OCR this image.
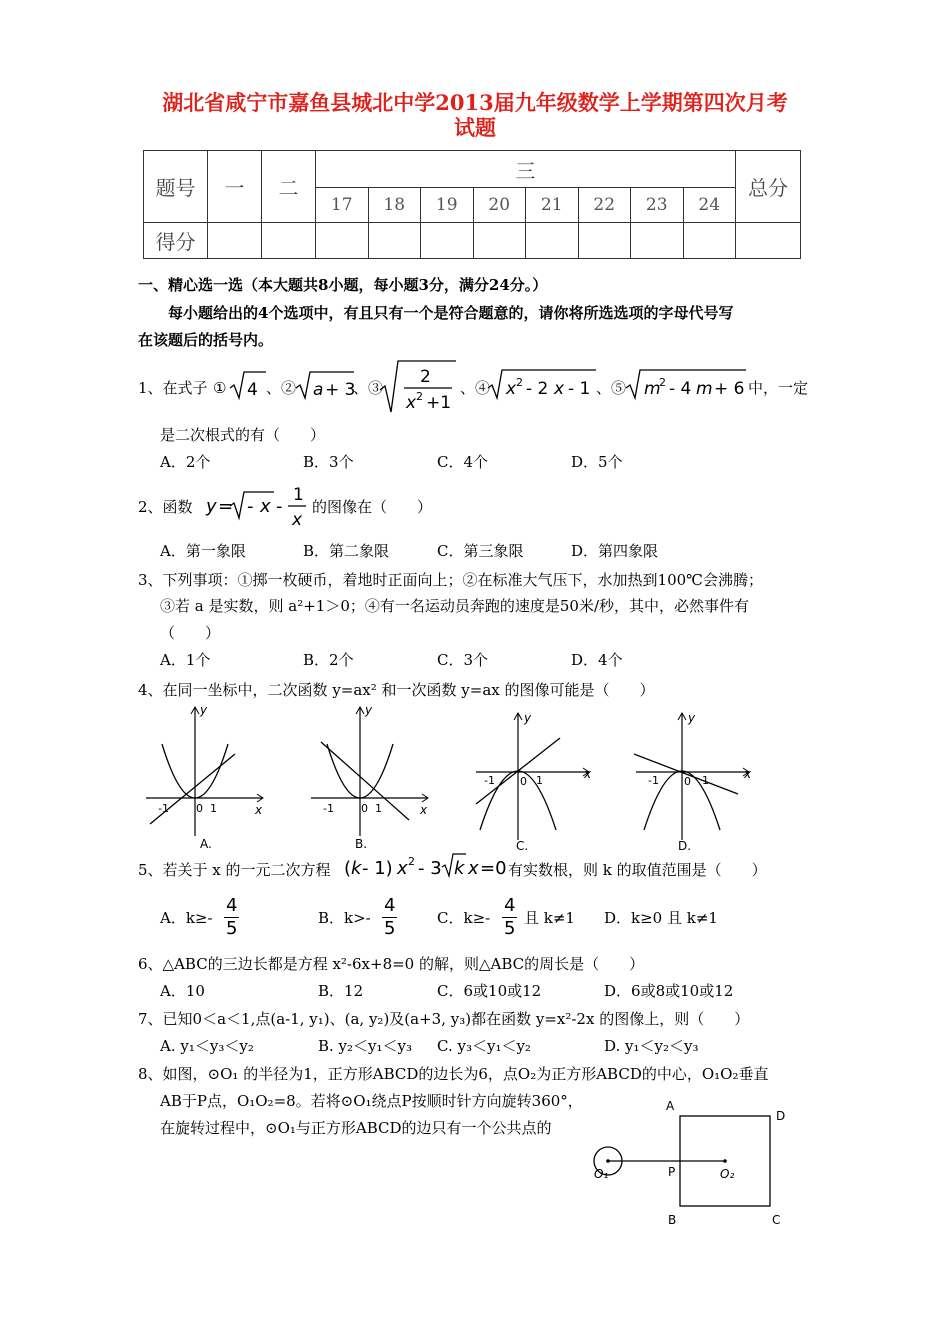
湖北省咸宁市嘉鱼县城北中学2013届九年级数学上学期第四次月考
试题
题号	一	二	三								总分
			17	18	19	20	21	22	23	24	
得分											
一、精心选一选（本大题共8小题，每小题3分，满分24分。）
每小题给出的4个选项中，有且只有一个是符合题意的，请你将所选选项的字母代号写
在该题后的括号内。
1、在式子 ① 4 、② a + 3
、③
2
x 2 +1
、④ x 2 - 2 x - 1 、⑤ m
2 - 4 m + 6 中，一定
是二次根式的有（　　）
A．2个	B．3个	C．4个	D．5个
2、函数 y = - x -
1
x
的图像在（　　）
A．第一象限	B．第二象限	C．第三象限	D．第四象限
3、下列事项：①掷一枚硬币，着地时正面向上；②在标准大气压下，水加热到100℃会沸腾；
③若 a 是实数，则 a²+1＞0；④有一名运动员奔跑的速度是50米/秒，其中，必然事件有
（　　）
A．1个	B．2个	C．3个	D．4个
4、在同一坐标中，二次函数 y=ax² 和一次函数 y=ax 的图像可能是（　　）
y
x
-1 0 1
A.
y
x
-1 0 1
B.
y
x
-1 0 1
C.
y
x
-1 0 1
D.
5、若关于 x 的一元二次方程 ( k - 1) x 2 - 3 k x =0 有实数根，则 k 的取值范围是（　　）
A．$k\ge- \frac{4}{5}$	B．$k>- \frac{4}{5}$	C．$k\ge- \frac{4}{5}$ 且 k≠1 D．k≥0 且 k≠1
6、△ABC的三边长都是方程 x²-6x+8=0 的解，则△ABC的周长是（　　）
A．10	B．12	C．6或10或12	D．6或8或10或12
7、已知0＜a＜1,点(a-1, y₁)、(a, y₂)及(a+3, y₃)都在函数 y=x²-2x 的图像上，则（　　）
A. y₁＜y₃＜y₂	B. y₂＜y₁＜y₃ C. y₃＜y₁＜y₂	D. y₁＜y₂＜y₃
8、如图，⊙O₁ 的半径为1，正方形ABCD的边长为6，点O₂为正方形ABCD的中心，O₁O₂垂直
AB于P点，O₁O₂=8。若将⊙O₁绕点P按顺时针方向旋转360°，
在旋转过程中，⊙O₁与正方形ABCD的边只有一个公共点的
A
D
B	C
P
O₁	O₂
